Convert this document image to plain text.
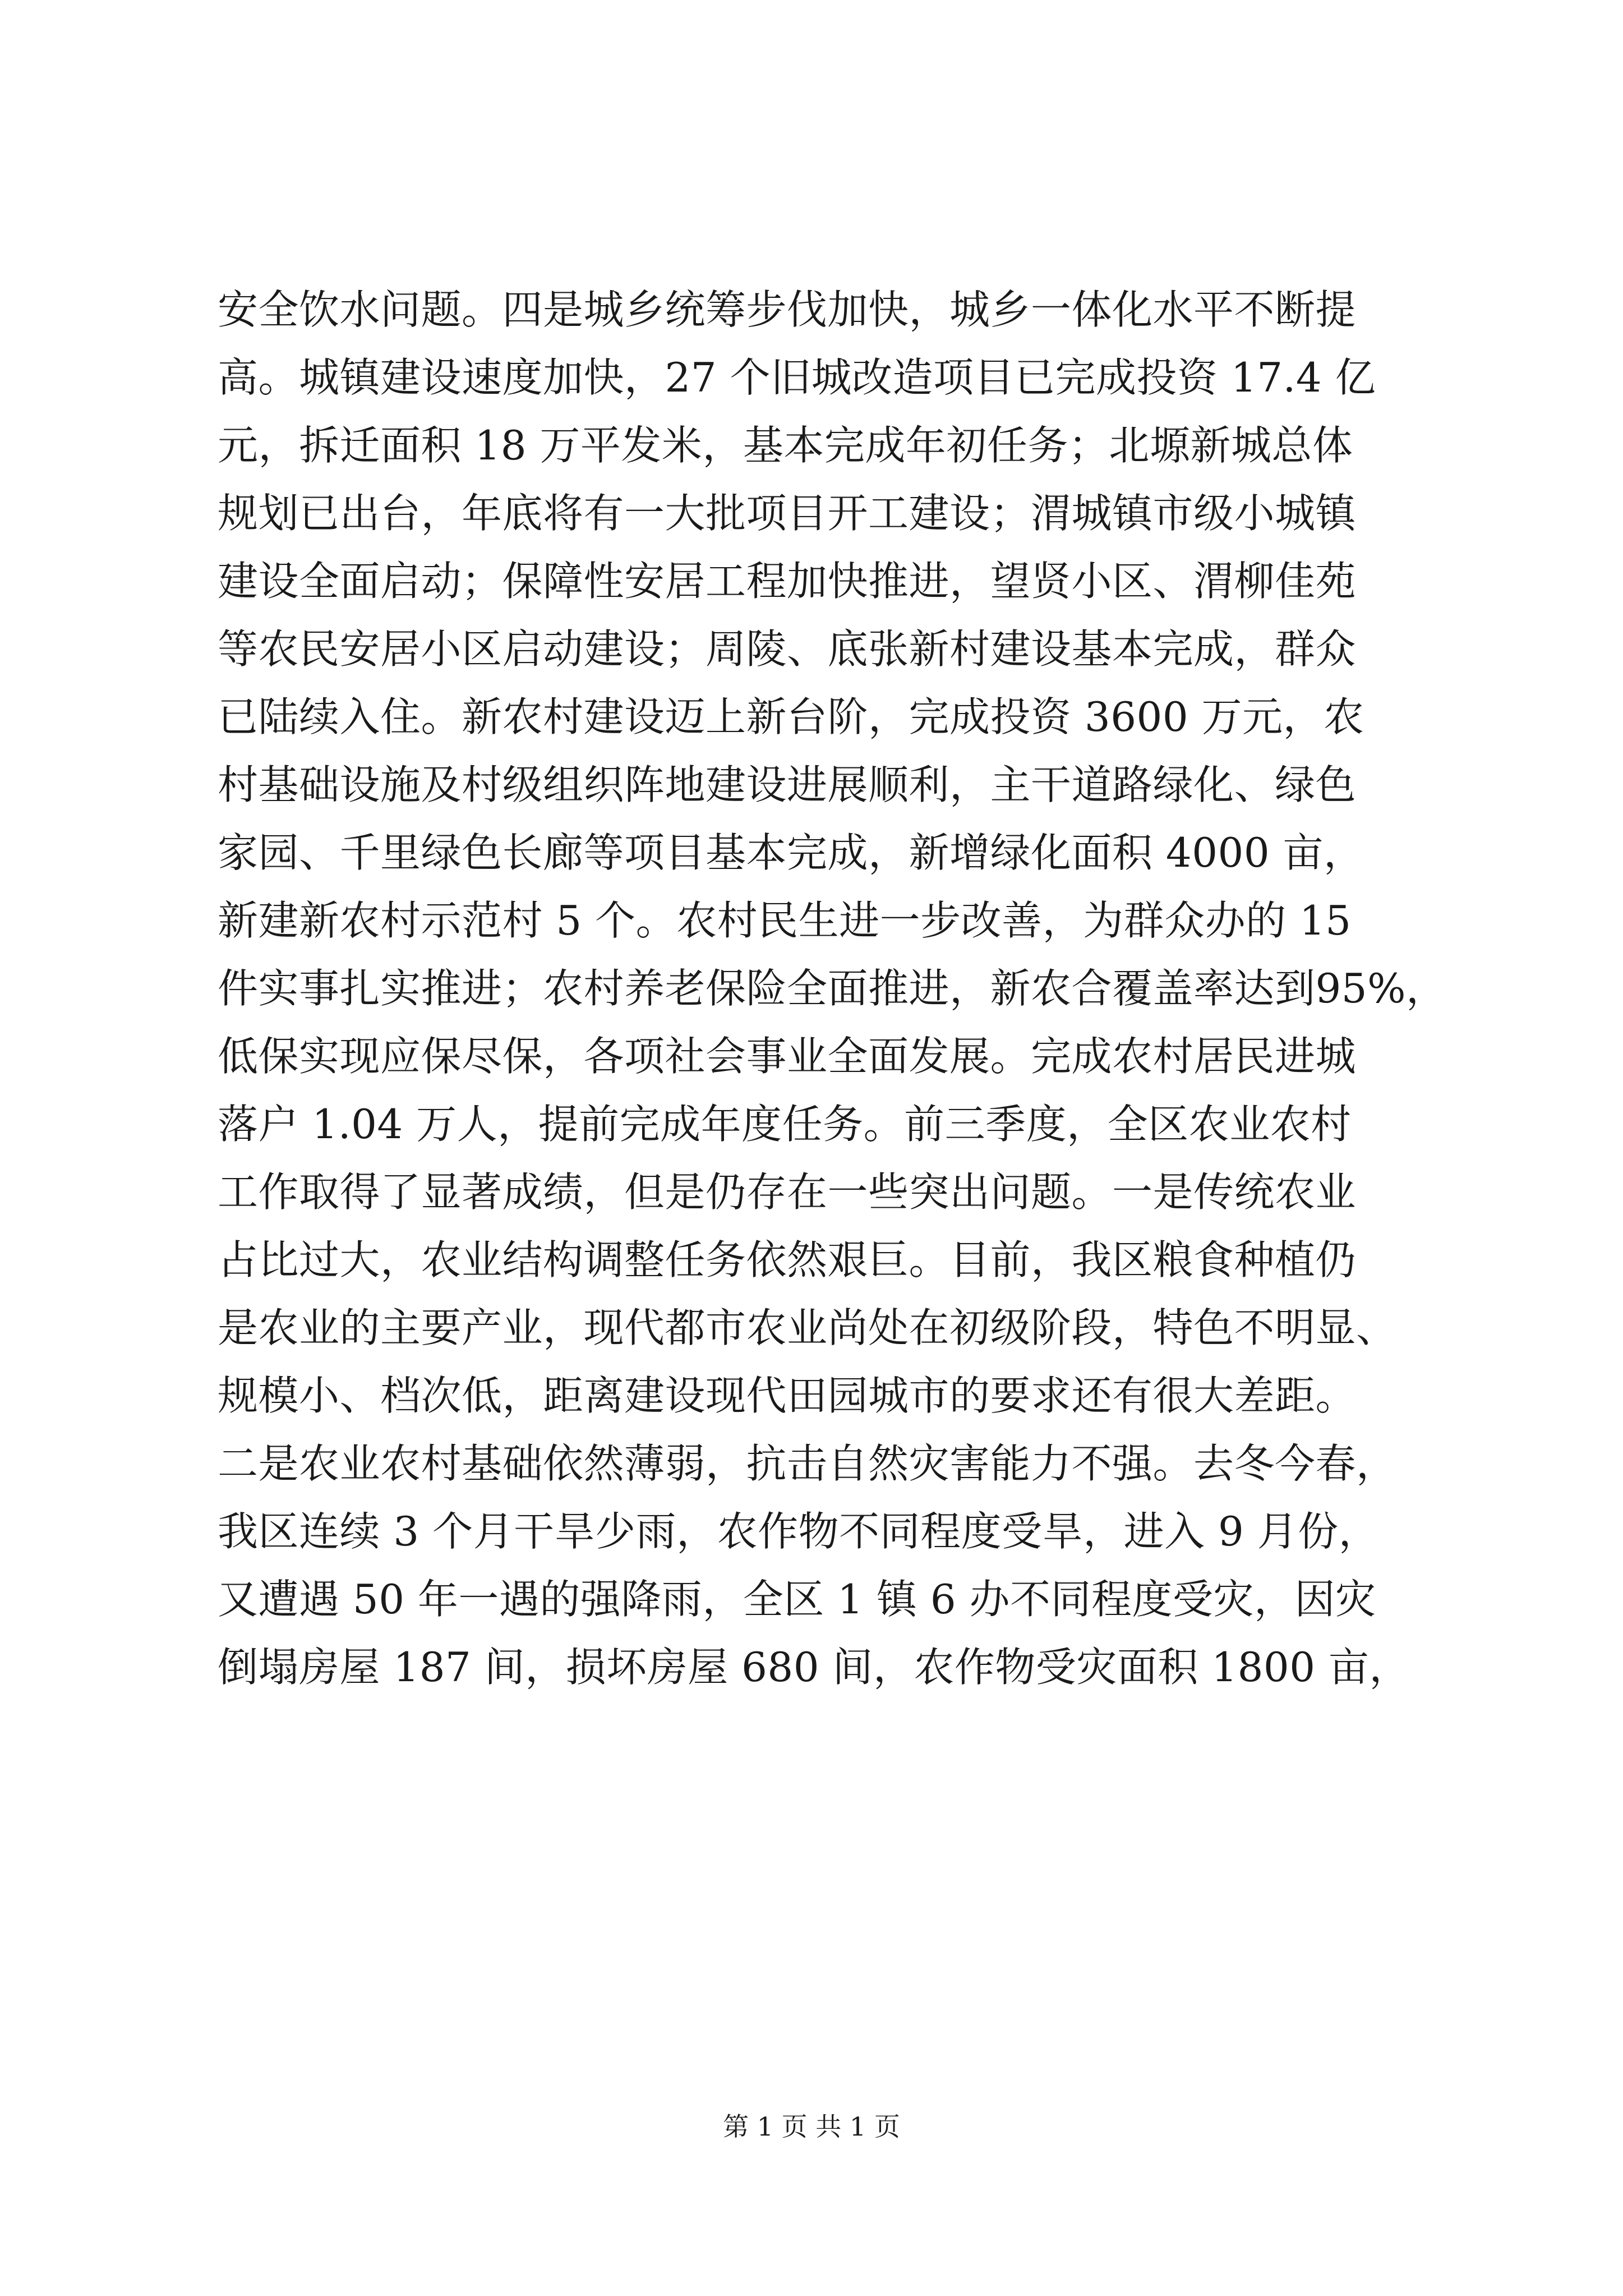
安全饮水问题。四是城乡统筹步伐加快，城乡一体化水平不断提
高。城镇建设速度加快，27 个旧城改造项目已完成投资 17.4 亿
元，拆迁面积 18 万平发米，基本完成年初任务；北塬新城总体
规划已出台，年底将有一大批项目开工建设；渭城镇市级小城镇
建设全面启动；保障性安居工程加快推进，望贤小区、渭柳佳苑
等农民安居小区启动建设；周陵、底张新村建设基本完成，群众
已陆续入住。新农村建设迈上新台阶，完成投资 3600 万元，农
村基础设施及村级组织阵地建设进展顺利，主干道路绿化、绿色
家园、千里绿色长廊等项目基本完成，新增绿化面积 4000 亩，
新建新农村示范村 5 个。农村民生进一步改善，为群众办的 15
件实事扎实推进；农村养老保险全面推进，新农合覆盖率达到95%，
低保实现应保尽保，各项社会事业全面发展。完成农村居民进城
落户 1.04 万人，提前完成年度任务。前三季度，全区农业农村
工作取得了显著成绩，但是仍存在一些突出问题。一是传统农业
占比过大，农业结构调整任务依然艰巨。目前，我区粮食种植仍
是农业的主要产业，现代都市农业尚处在初级阶段，特色不明显、
规模小、档次低，距离建设现代田园城市的要求还有很大差距。
二是农业农村基础依然薄弱，抗击自然灾害能力不强。去冬今春，
我区连续 3 个月干旱少雨，农作物不同程度受旱，进入 9 月份，
又遭遇 50 年一遇的强降雨，全区 1 镇 6 办不同程度受灾，因灾
倒塌房屋 187 间，损坏房屋 680 间，农作物受灾面积 1800 亩，
第 1 页 共 1 页
